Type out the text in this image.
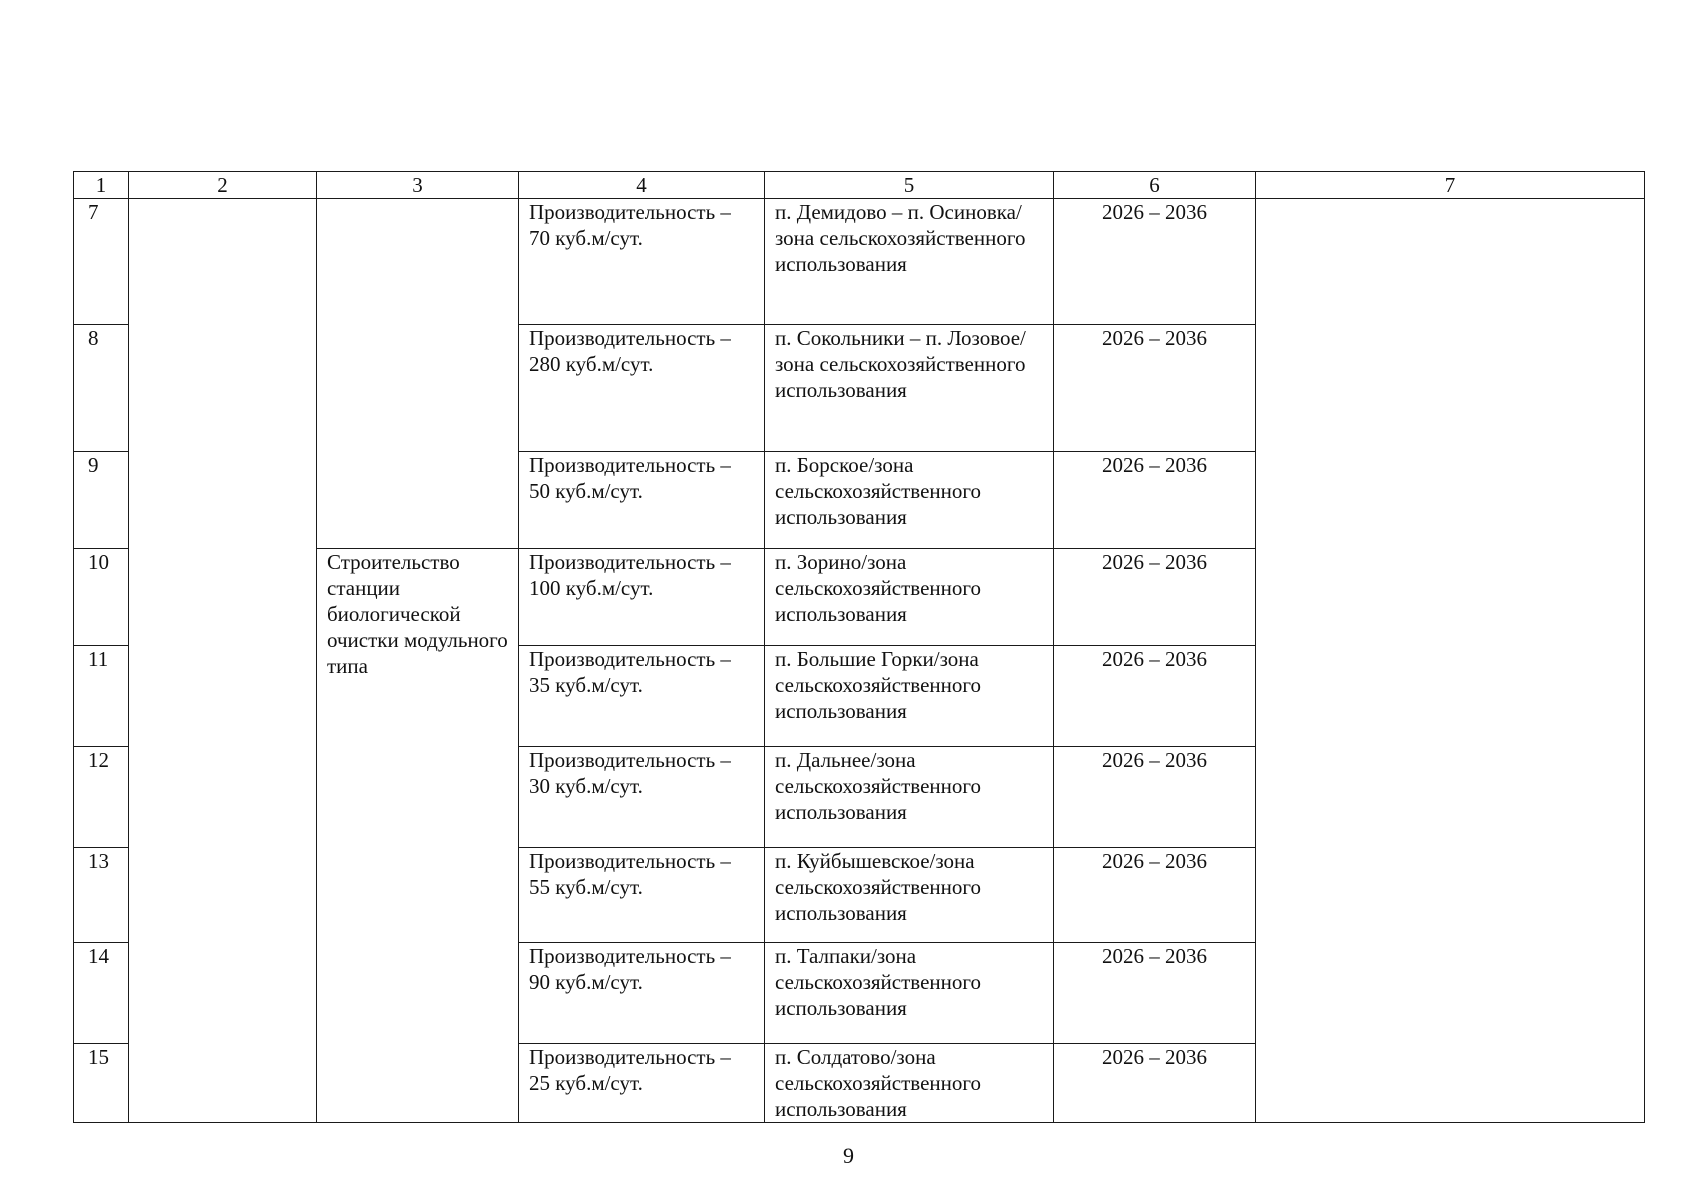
1	2	3	4	5	6	7
7			Производительность – 70 куб.м/сут.	п. Демидово – п. Осиновка/зона сельскохозяйственного использования	2026 – 2036	
8			Производительность – 280 куб.м/сут.	п. Сокольники – п. Лозовое/зона сельскохозяйственного использования	2026 – 2036	
9			Производительность – 50 куб.м/сут.	п. Борское/зона сельскохозяйственного использования	2026 – 2036	
10		Строительство станции биологической очистки модульного типа	Производительность – 100 куб.м/сут.	п. Зорино/зона сельскохозяйственного использования	2026 – 2036	
11			Производительность – 35 куб.м/сут.	п. Большие Горки/зона сельскохозяйственного использования	2026 – 2036	
12			Производительность – 30 куб.м/сут.	п. Дальнее/зона сельскохозяйственного использования	2026 – 2036	
13			Производительность – 55 куб.м/сут.	п. Куйбышевское/зона сельскохозяйственного использования	2026 – 2036	
14			Производительность – 90 куб.м/сут.	п. Талпаки/зона сельскохозяйственного использования	2026 – 2036	
15			Производительность – 25 куб.м/сут.	п. Солдатово/зона сельскохозяйственного использования	2026 – 2036	
9
